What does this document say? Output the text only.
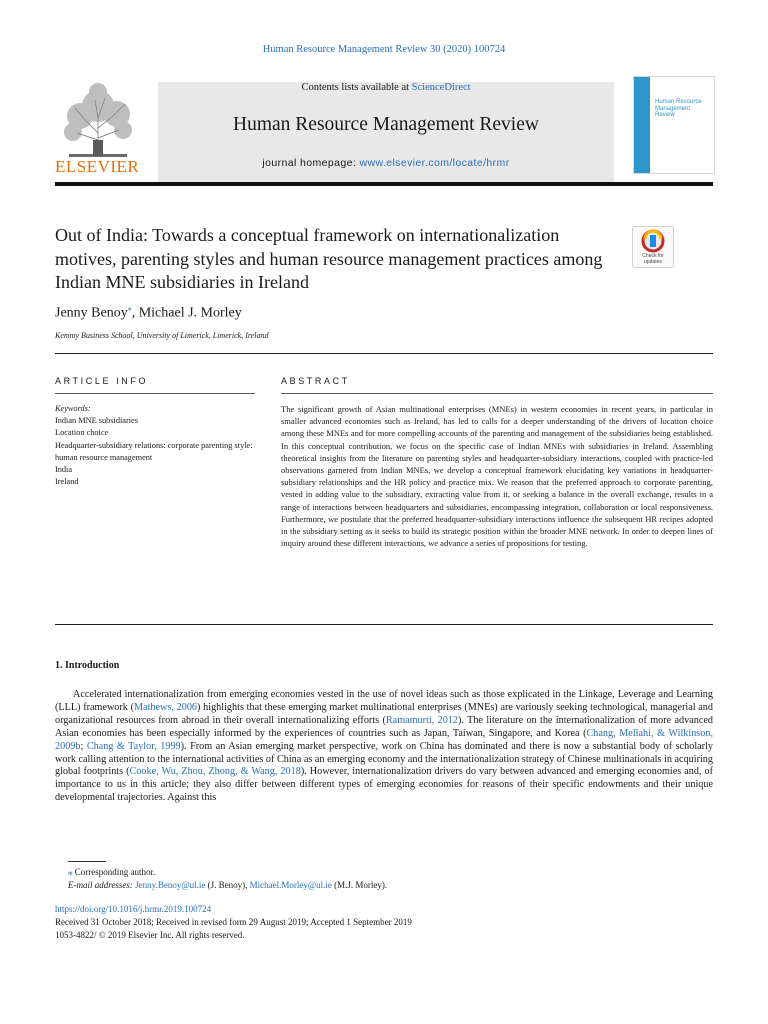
Human Resource Management Review 30 (2020) 100724
ELSEVIER
Contents lists available at ScienceDirect
Human Resource Management Review
journal homepage: www.elsevier.com/locate/hrmr
Human Resource Management Review
Out of India: Towards a conceptual framework on internationalization motives, parenting styles and human resource management practices among Indian MNE subsidiaries in Ireland
Check for updates
Jenny Benoy⁎, Michael J. Morley
Kemmy Business School, University of Limerick, Limerick, Ireland
ARTICLE INFO	ABSTRACT
Keywords:
Indian MNE subsidiaries
Location choice
Headquarter-subsidiary relations: corporate parenting style: human resource management
India
Ireland
The significant growth of Asian multinational enterprises (MNEs) in western economies in recent years, in particular in smaller advanced economies such as Ireland, has led to calls for a deeper understanding of the drivers of location choice among these MNEs and for more compelling accounts of the parenting and management of the subsidiaries being established. In this conceptual contribution, we focus on the specific case of Indian MNEs with subsidiaries in Ireland. Assembling theoretical insights from the literature on parenting styles and headquarter-subsidiary interactions, coupled with practice-led observations garnered from Indian MNEs, we develop a conceptual framework elucidating key variations in headquarter-subsidiary relationships and the HR policy and practice mix. We reason that the preferred approach to corporate parenting, vested in adding value to the subsidiary, extracting value from it, or seeking a balance in the overall exchange, results in a range of interactions between headquarters and subsidiaries, encompassing integration, collaboration or local responsiveness. Furthermore, we postulate that the preferred headquarter-subsidiary interactions influence the subsequent HR recipes adopted in the subsidiary setting as it seeks to build its strategic position within the broader MNE network. In order to deepen lines of inquiry around these different interactions, we advance a series of propositions for testing.
1. Introduction
Accelerated internationalization from emerging economies vested in the use of novel ideas such as those explicated in the Linkage, Leverage and Learning (LLL) framework (Mathews, 2006) highlights that these emerging market multinational enterprises (MNEs) are variously seeking technological, managerial and organizational resources from abroad in their overall internationalizing efforts (Ramamurti, 2012). The literature on the internationalization of more advanced Asian economies has been especially informed by the experiences of countries such as Japan, Taiwan, Singapore, and Korea (Chang, Mellahi, & Wilkinson, 2009b; Chang & Taylor, 1999). From an Asian emerging market perspective, work on China has dominated and there is now a substantial body of scholarly work calling attention to the international activities of China as an emerging economy and the internationalization strategy of Chinese multinationals in acquiring global footprints (Cooke, Wu, Zhou, Zhong, & Wang, 2018). However, internationalization drivers do vary between advanced and emerging economies and, of importance to us in this article; they also differ between different types of emerging economies for reasons of their specific endowments and their unique developmental trajectories. Against this
⁎ Corresponding author.
E-mail addresses: Jenny.Benoy@ul.ie (J. Benoy), Michael.Morley@ul.ie (M.J. Morley).
https://doi.org/10.1016/j.hrmr.2019.100724
Received 31 October 2018; Received in revised form 29 August 2019; Accepted 1 September 2019
1053-4822/ © 2019 Elsevier Inc. All rights reserved.
